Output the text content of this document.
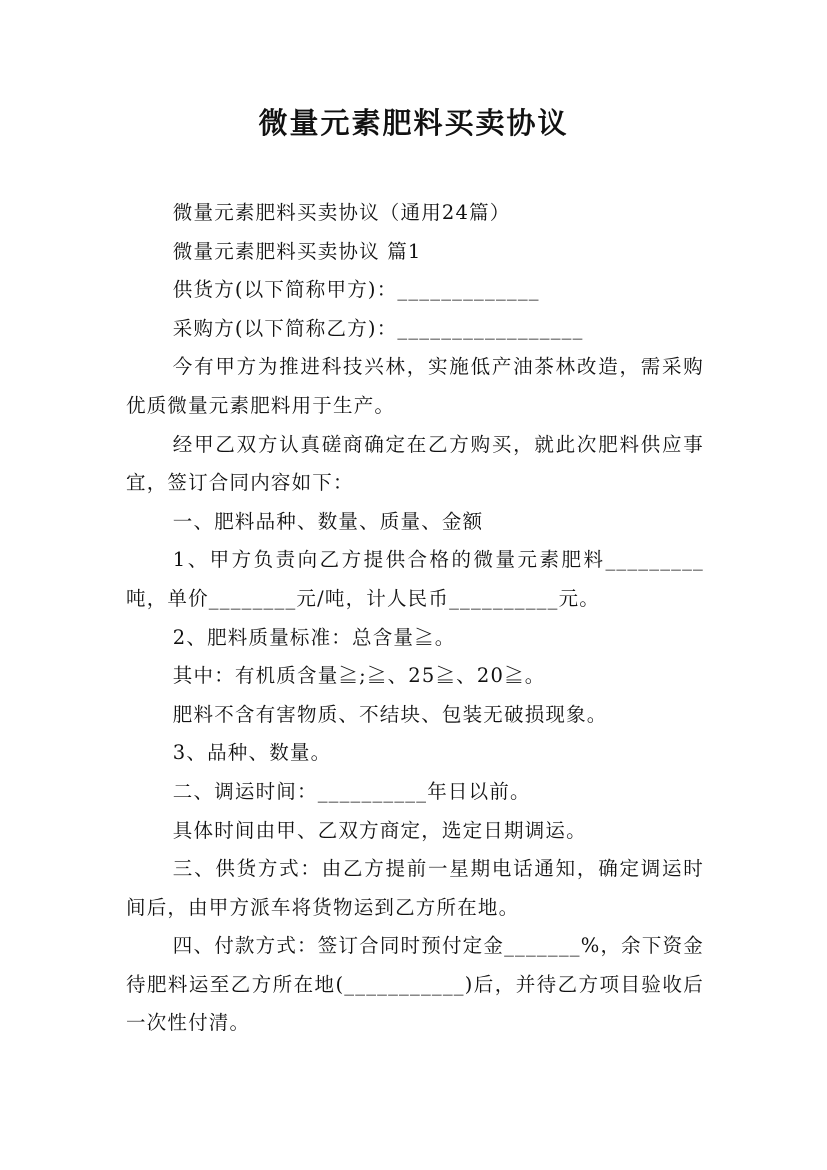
微量元素肥料买卖协议

微量元素肥料买卖协议（通用24篇）

微量元素肥料买卖协议 篇1

供货方(以下简称甲方)：_____________

采购方(以下简称乙方)：_________________

今有甲方为推进科技兴林，实施低产油茶林改造，需采购优质微量元素肥料用于生产。

经甲乙双方认真磋商确定在乙方购买，就此次肥料供应事宜，签订合同内容如下：

一、肥料品种、数量、质量、金额

1、甲方负责向乙方提供合格的微量元素肥料_________吨，单价________元/吨，计人民币__________元。

2、肥料质量标准：总含量≧。

其中：有机质含量≧;≧、25≧、20≧。

肥料不含有害物质、不结块、包装无破损现象。

3、品种、数量。

二、调运时间：__________年日以前。

具体时间由甲、乙双方商定，选定日期调运。

三、供货方式：由乙方提前一星期电话通知，确定调运时间后，由甲方派车将货物运到乙方所在地。

四、付款方式：签订合同时预付定金_______%，余下资金待肥料运至乙方所在地(___________)后，并待乙方项目验收后一次性付清。
